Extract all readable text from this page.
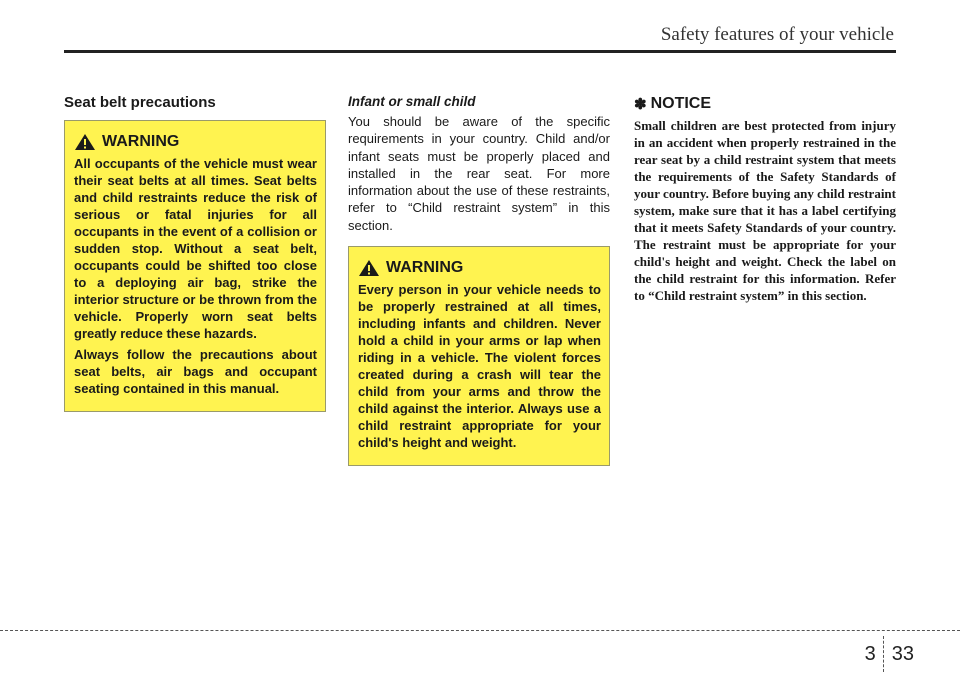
Safety features of your vehicle
Seat belt precautions
WARNING

All occupants of the vehicle must wear their seat belts at all times. Seat belts and child restraints reduce the risk of serious or fatal injuries for all occupants in the event of a collision or sudden stop. Without a seat belt, occupants could be shifted too close to a deploying air bag, strike the interior structure or be thrown from the vehicle. Properly worn seat belts greatly reduce these hazards.

Always follow the precautions about seat belts, air bags and occupant seating contained in this manual.

Infant or small child

You should be aware of the specific requirements in your country. Child and/or infant seats must be properly placed and installed in the rear seat. For more information about the use of these restraints, refer to “Child restraint system” in this section.

WARNING

Every person in your vehicle needs to be properly restrained at all times, including infants and children. Never hold a child in your arms or lap when riding in a vehicle. The violent forces created during a crash will tear the child from your arms and throw the child against the interior. Always use a child restraint appropriate for your child's height and weight.

✽ NOTICE

Small children are best protected from injury in an accident when properly restrained in the rear seat by a child restraint system that meets the requirements of the Safety Standards of your country. Before buying any child restraint system, make sure that it has a label certifying that it meets Safety Standards of your country. The restraint must be appropriate for your child's height and weight. Check the label on the child restraint for this information. Refer to “Child restraint system” in this section.

3 33
